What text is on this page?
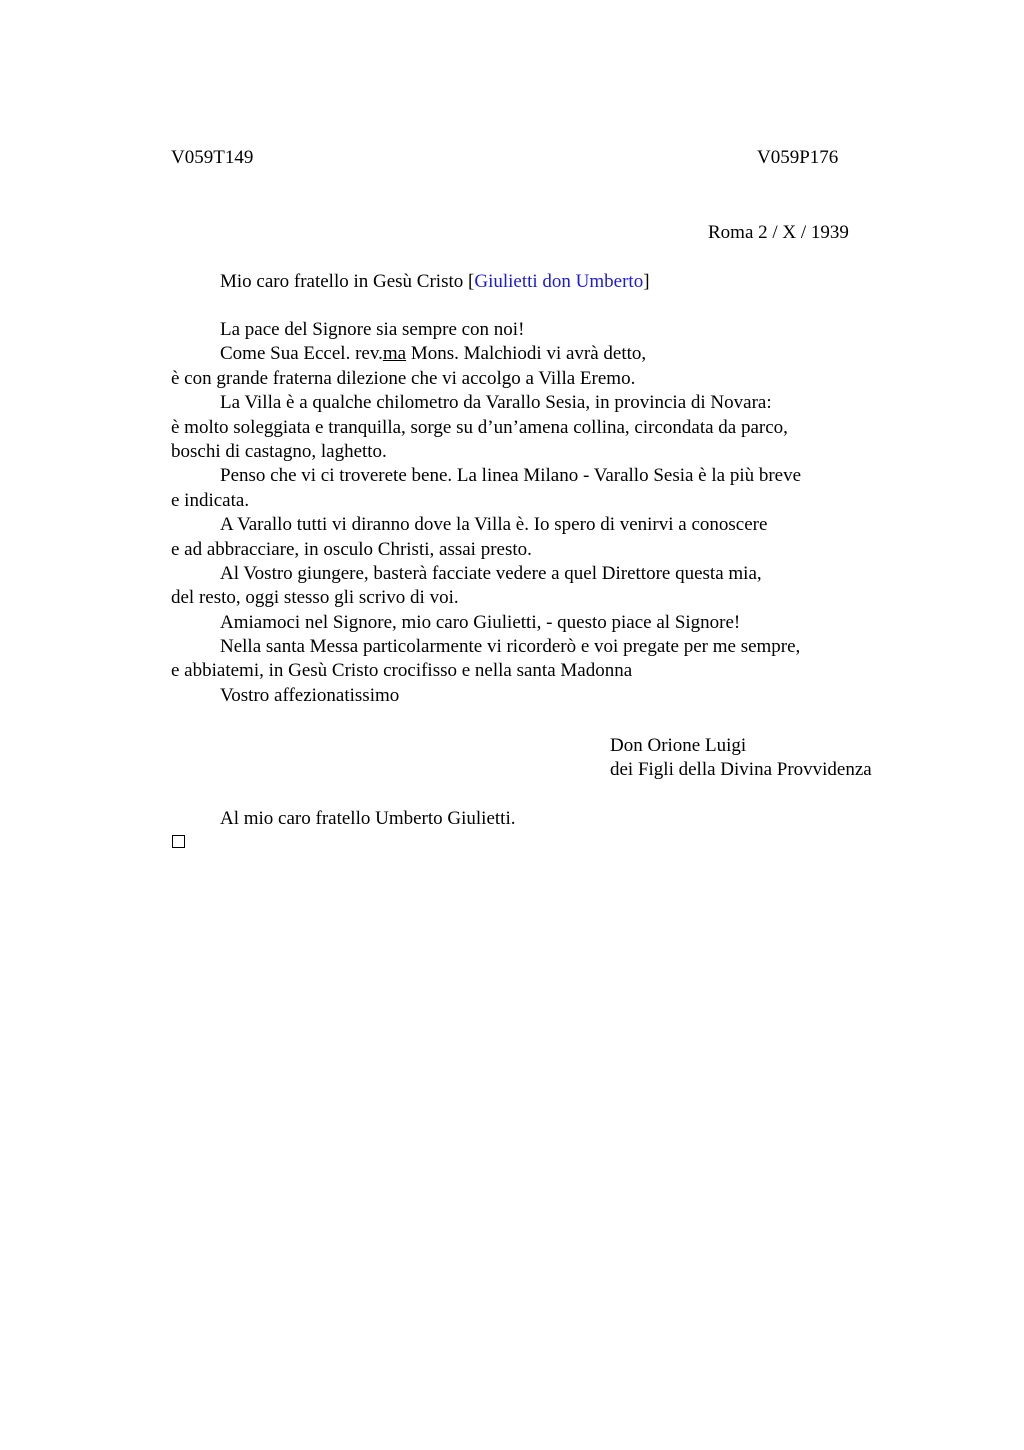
V059T149	V059P176
Roma 2 / X / 1939
Mio caro fratello in Gesù Cristo [Giulietti don Umberto]
La pace del Signore sia sempre con noi!
Come Sua Eccel. rev.ma Mons. Malchiodi vi avrà detto,
è con grande fraterna dilezione che vi accolgo a Villa Eremo.
La Villa è a qualche chilometro da Varallo Sesia, in provincia di Novara:
è molto soleggiata e tranquilla, sorge su d’un’amena collina, circondata da parco,
boschi di castagno, laghetto.
Penso che vi ci troverete bene. La linea Milano - Varallo Sesia è la più breve
e indicata.
A Varallo tutti vi diranno dove la Villa è. Io spero di venirvi a conoscere
e ad abbracciare, in osculo Christi, assai presto.
Al Vostro giungere, basterà facciate vedere a quel Direttore questa mia,
del resto, oggi stesso gli scrivo di voi.
Amiamoci nel Signore, mio caro Giulietti, - questo piace al Signore!
Nella santa Messa particolarmente vi ricorderò e voi pregate per me sempre,
e abbiatemi, in Gesù Cristo crocifisso e nella santa Madonna
Vostro affezionatissimo
Don Orione Luigi
dei Figli della Divina Provvidenza
Al mio caro fratello Umberto Giulietti.
